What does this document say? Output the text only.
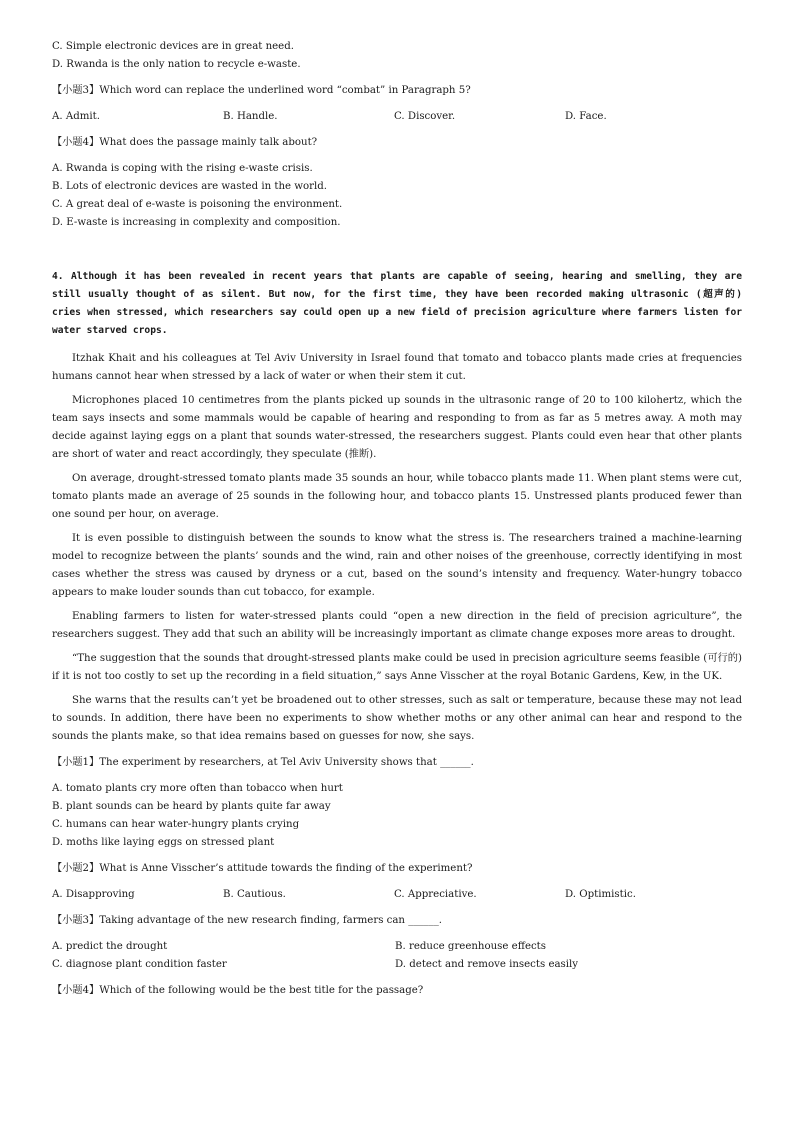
C. Simple electronic devices are in great need.
D. Rwanda is the only nation to recycle e-waste.
【小题3】Which word can replace the underlined word “combat” in Paragraph 5?
A. Admit.	B. Handle.	C. Discover.	D. Face.
【小题4】What does the passage mainly talk about?
A. Rwanda is coping with the rising e-waste crisis.
B. Lots of electronic devices are wasted in the world.
C. A great deal of e-waste is poisoning the environment.
D. E-waste is increasing in complexity and composition.
4. Although it has been revealed in recent years that plants are capable of seeing, hearing and smelling, they are still usually thought of as silent. But now, for the first time, they have been recorded making ultrasonic (超声的) cries when stressed, which researchers say could open up a new field of precision agriculture where farmers listen for water starved crops.
Itzhak Khait and his colleagues at Tel Aviv University in Israel found that tomato and tobacco plants made cries at frequencies humans cannot hear when stressed by a lack of water or when their stem it cut.
Microphones placed 10 centimetres from the plants picked up sounds in the ultrasonic range of 20 to 100 kilohertz, which the team says insects and some mammals would be capable of hearing and responding to from as far as 5 metres away. A moth may decide against laying eggs on a plant that sounds water-stressed, the researchers suggest. Plants could even hear that other plants are short of water and react accordingly, they speculate (推断).
On average, drought-stressed tomato plants made 35 sounds an hour, while tobacco plants made 11. When plant stems were cut, tomato plants made an average of 25 sounds in the following hour, and tobacco plants 15. Unstressed plants produced fewer than one sound per hour, on average.
It is even possible to distinguish between the sounds to know what the stress is. The researchers trained a machine-learning model to recognize between the plants’ sounds and the wind, rain and other noises of the greenhouse, correctly identifying in most cases whether the stress was caused by dryness or a cut, based on the sound’s intensity and frequency. Water-hungry tobacco appears to make louder sounds than cut tobacco, for example.
Enabling farmers to listen for water-stressed plants could “open a new direction in the field of precision agriculture”, the researchers suggest. They add that such an ability will be increasingly important as climate change exposes more areas to drought.
“The suggestion that the sounds that drought-stressed plants make could be used in precision agriculture seems feasible (可行的) if it is not too costly to set up the recording in a field situation,” says Anne Visscher at the royal Botanic Gardens, Kew, in the UK.
She warns that the results can’t yet be broadened out to other stresses, such as salt or temperature, because these may not lead to sounds. In addition, there have been no experiments to show whether moths or any other animal can hear and respond to the sounds the plants make, so that idea remains based on guesses for now, she says.
【小题1】The experiment by researchers, at Tel Aviv University shows that ______.
A. tomato plants cry more often than tobacco when hurt
B. plant sounds can be heard by plants quite far away
C. humans can hear water-hungry plants crying
D. moths like laying eggs on stressed plant
【小题2】What is Anne Visscher’s attitude towards the finding of the experiment?
A. Disapproving	B. Cautious.	C. Appreciative.	D. Optimistic.
【小题3】Taking advantage of the new research finding, farmers can ______.
A. predict the drought	B. reduce greenhouse effects
C. diagnose plant condition faster	D. detect and remove insects easily
【小题4】Which of the following would be the best title for the passage?
